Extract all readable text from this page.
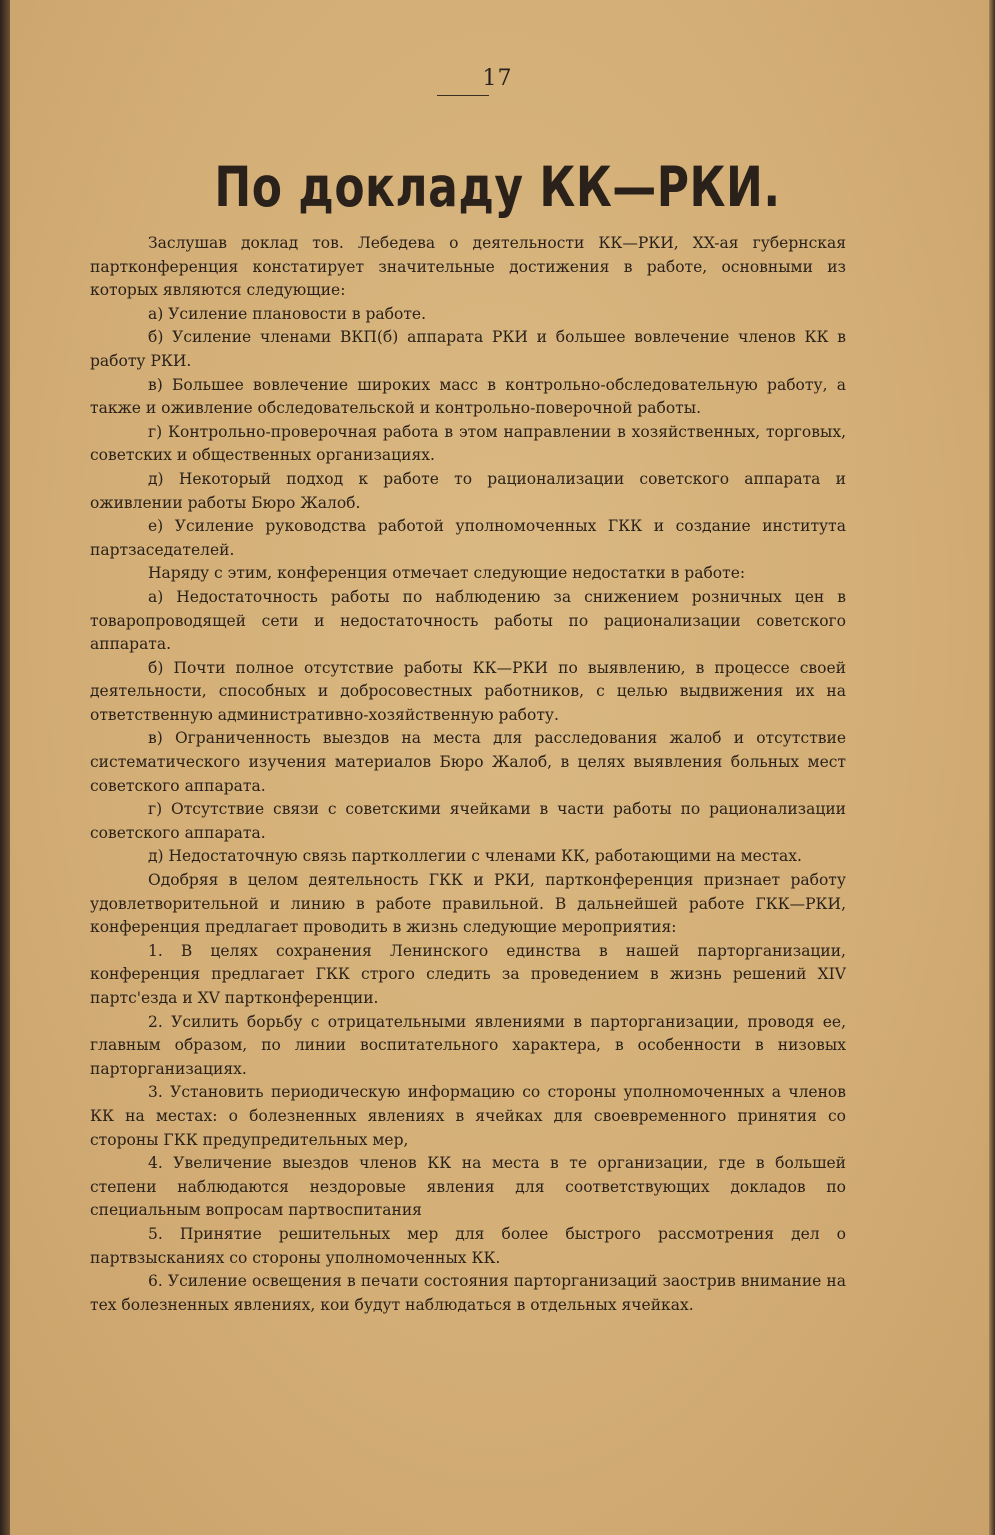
17
По докладу КК—РКИ.

Заслушав доклад тов. Лебедева о деятельности КК—РКИ, XX-ая губернская партконференция констатирует значительные достижения в работе, основными из которых являются следующие:

а) Усиление плановости в работе.

б) Усиление членами ВКП(б) аппарата РКИ и большее вовлечение членов КК в работу РКИ.

в) Большее вовлечение широких масс в контрольно-обследовательную работу, а также и оживление обследовательской и контрольно-поверочной работы.

г) Контрольно-проверочная работа в этом направлении в хозяйственных, торговых, советских и общественных организациях.

д) Некоторый подход к работе то рационализации советского аппарата и оживлении работы Бюро Жалоб.

е) Усиление руководства работой уполномоченных ГКК и создание института партзаседателей.

Наряду с этим, конференция отмечает следующие недостатки в работе:

а) Недостаточность работы по наблюдению за снижением розничных цен в товаропроводящей сети и недостаточность работы по рационализации советского аппарата.

б) Почти полное отсутствие работы КК—РКИ по выявлению, в процессе своей деятельности, способных и добросовестных работников, с целью выдвижения их на ответственную административно-хозяйственную работу.

в) Ограниченность выездов на места для расследования жалоб и отсутствие систематического изучения материалов Бюро Жалоб, в целях выявления больных мест советского аппарата.

г) Отсутствие связи с советскими ячейками в части работы по рационализации советского аппарата.

д) Недостаточную связь партколлегии с членами КК, работающими на местах.

Одобряя в целом деятельность ГКК и РКИ, партконференция признает работу удовлетворительной и линию в работе правильной. В дальнейшей работе ГКК—РКИ, конференция предлагает проводить в жизнь следующие мероприятия:

1. В целях сохранения Ленинского единства в нашей парторганизации, конференция предлагает ГКК строго следить за проведением в жизнь решений XIV партс'езда и XV партконференции.

2. Усилить борьбу с отрицательными явлениями в парторганизации, проводя ее, главным образом, по линии воспитательного характера, в особенности в низовых парторганизациях.

3. Установить периодическую информацию со стороны уполномоченных а членов КК на местах: о болезненных явлениях в ячейках для своевременного принятия со стороны ГКК предупредительных мер,

4. Увеличение выездов членов КК на места в те организации, где в большей степени наблюдаются нездоровые явления для соответствующих докладов по специальным вопросам партвоспитания

5. Принятие решительных мер для более быстрого рассмотрения дел о партвзысканиях со стороны уполномоченных КК.

6. Усиление освещения в печати состояния парторганизаций заострив внимание на тех болезненных явлениях, кои будут наблюдаться в отдельных ячейках.
